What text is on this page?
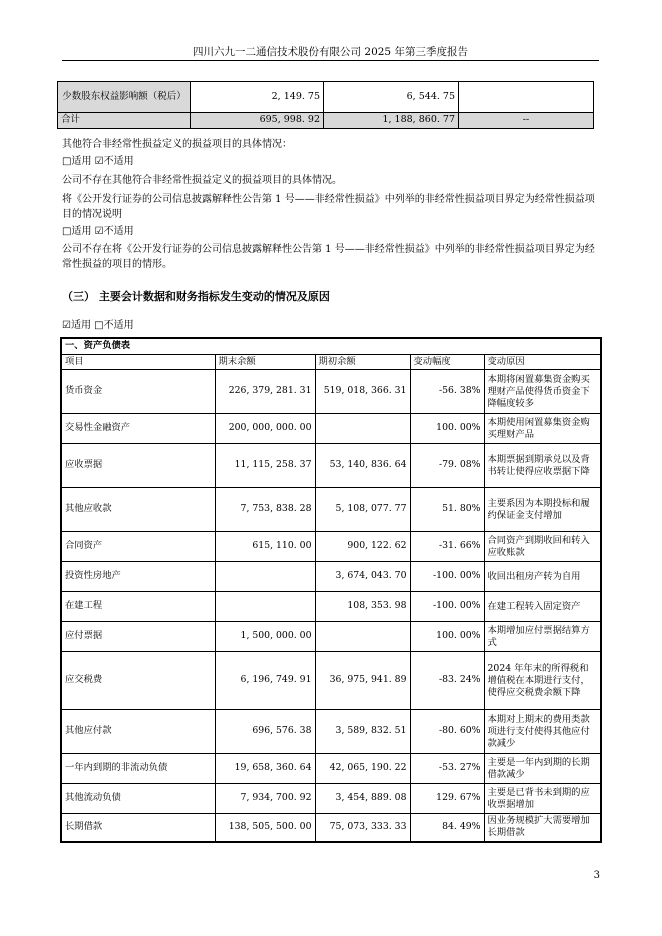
四川六九一二通信技术股份有限公司 2025 年第三季度报告
少数股东权益影响额（税后）	2, 149. 75	6, 544. 75	
合计	695, 998. 92	1, 188, 860. 77	--
其他符合非经常性损益定义的损益项目的具体情况：
□适用 ☑不适用
公司不存在其他符合非经常性损益定义的损益项目的具体情况。
将《公开发行证券的公司信息披露解释性公告第 1 号——非经常性损益》中列举的非经常性损益项目界定为经常性损益项目的情况说明
□适用 ☑不适用
公司不存在将《公开发行证券的公司信息披露解释性公告第 1 号——非经常性损益》中列举的非经常性损益项目界定为经常性损益的项目的情形。
（三） 主要会计数据和财务指标发生变动的情况及原因
☑适用 □不适用
一、资产负债表				
项目	期末余额	期初余额	变动幅度	变动原因
货币资金	226, 379, 281. 31	519, 018, 366. 31	-56. 38%	本期将闲置募集资金购买理财产品使得货币资金下降幅度较多
交易性金融资产	200, 000, 000. 00		100. 00%	本期使用闲置募集资金购买理财产品
应收票据	11, 115, 258. 37	53, 140, 836. 64	-79. 08%	本期票据到期承兑以及背书转让使得应收票据下降
其他应收款	7, 753, 838. 28	5, 108, 077. 77	51. 80%	主要系因为本期投标和履约保证金支付增加
合同资产	615, 110. 00	900, 122. 62	-31. 66%	合同资产到期收回和转入应收账款
投资性房地产		3, 674, 043. 70	-100. 00%	收回出租房产转为自用
在建工程		108, 353. 98	-100. 00%	在建工程转入固定资产
应付票据	1, 500, 000. 00		100. 00%	本期增加应付票据结算方式
应交税费	6, 196, 749. 91	36, 975, 941. 89	-83. 24%	2024 年年末的所得税和增值税在本期进行支付，使得应交税费余额下降
其他应付款	696, 576. 38	3, 589, 832. 51	-80. 60%	本期对上期末的费用类款项进行支付使得其他应付款减少
一年内到期的非流动负债	19, 658, 360. 64	42, 065, 190. 22	-53. 27%	主要是一年内到期的长期借款减少
其他流动负债	7, 934, 700. 92	3, 454, 889. 08	129. 67%	主要是已背书未到期的应收票据增加
长期借款	138, 505, 500. 00	75, 073, 333. 33	84. 49%	因业务规模扩大需要增加长期借款
3
